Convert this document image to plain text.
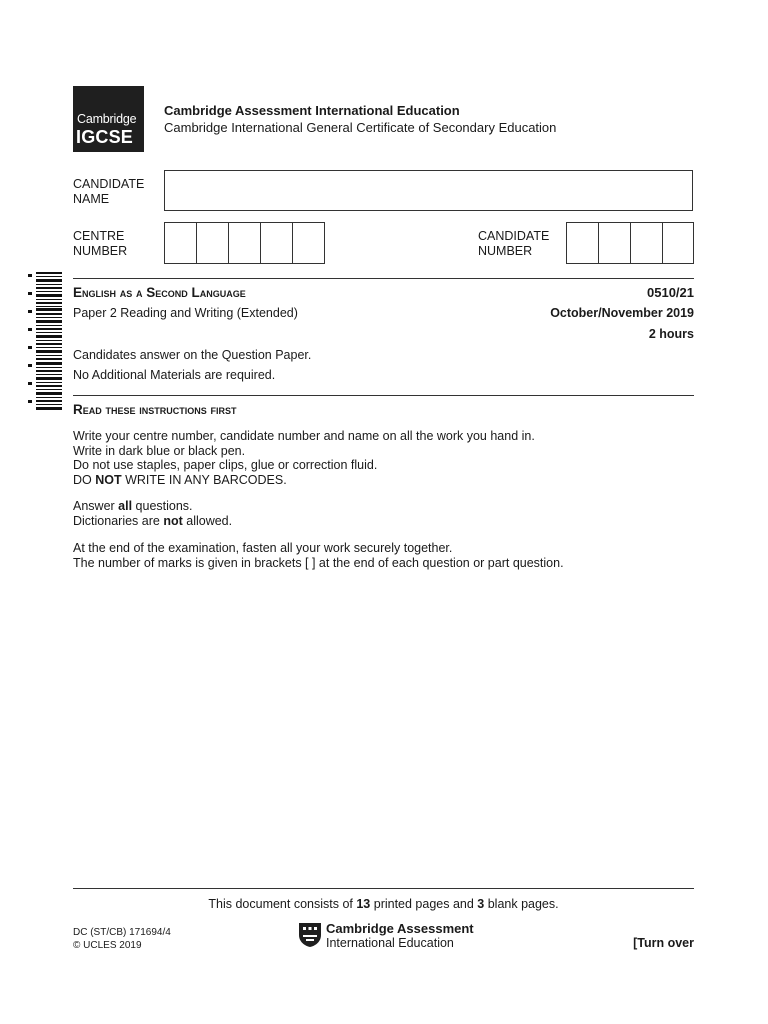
Cambridge
IGCSE
Cambridge Assessment International Education
Cambridge International General Certificate of Secondary Education
CANDIDATE
NAME
CENTRE
NUMBER
CANDIDATE
NUMBER
English as a Second Language	0510/21
Paper 2 Reading and Writing (Extended)	October/November 2019
2 hours
Candidates answer on the Question Paper.
No Additional Materials are required.
Read these instructions first
Write your centre number, candidate number and name on all the work you hand in.
Write in dark blue or black pen.
Do not use staples, paper clips, glue or correction fluid.
DO NOT WRITE IN ANY BARCODES.
Answer all questions.
Dictionaries are not allowed.
At the end of the examination, fasten all your work securely together.
The number of marks is given in brackets [ ] at the end of each question or part question.
This document consists of 13 printed pages and 3 blank pages.
DC (ST/CB) 171694/4
© UCLES 2019
Cambridge Assessment
International Education	[Turn over
